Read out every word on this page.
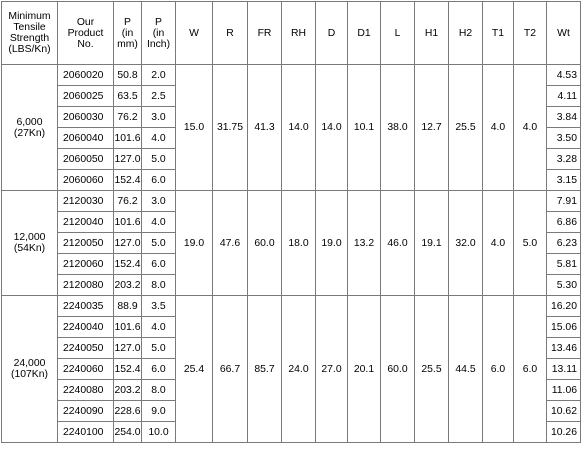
Minimum
Tensile
Strength
(LBS/Kn)	Our
Product
No.	P
(in
mm)	P
(in
Inch)	W	R	FR	RH	D	D1	L	H1	H2	T1	T2	Wt
6,000
(27Kn)	2060020	50.8	2.0	15.0	31.75	41.3	14.0	14.0	10.1	38.0	12.7	25.5	4.0	4.0	4.53
	2060025	63.5	2.5												4.11
	2060030	76.2	3.0												3.84
	2060040	101.6	4.0												3.50
	2060050	127.0	5.0												3.28
	2060060	152.4	6.0												3.15
12,000
(54Kn)	2120030	76.2	3.0	19.0	47.6	60.0	18.0	19.0	13.2	46.0	19.1	32.0	4.0	5.0	7.91
	2120040	101.6	4.0												6.86
	2120050	127.0	5.0												6.23
	2120060	152.4	6.0												5.81
	2120080	203.2	8.0												5.30
24,000
(107Kn)	2240035	88.9	3.5	25.4	66.7	85.7	24.0	27.0	20.1	60.0	25.5	44.5	6.0	6.0	16.20
	2240040	101.6	4.0												15.06
	2240050	127.0	5.0												13.46
	2240060	152.4	6.0												13.11
	2240080	203.2	8.0												11.06
	2240090	228.6	9.0												10.62
	2240100	254.0	10.0												10.26
